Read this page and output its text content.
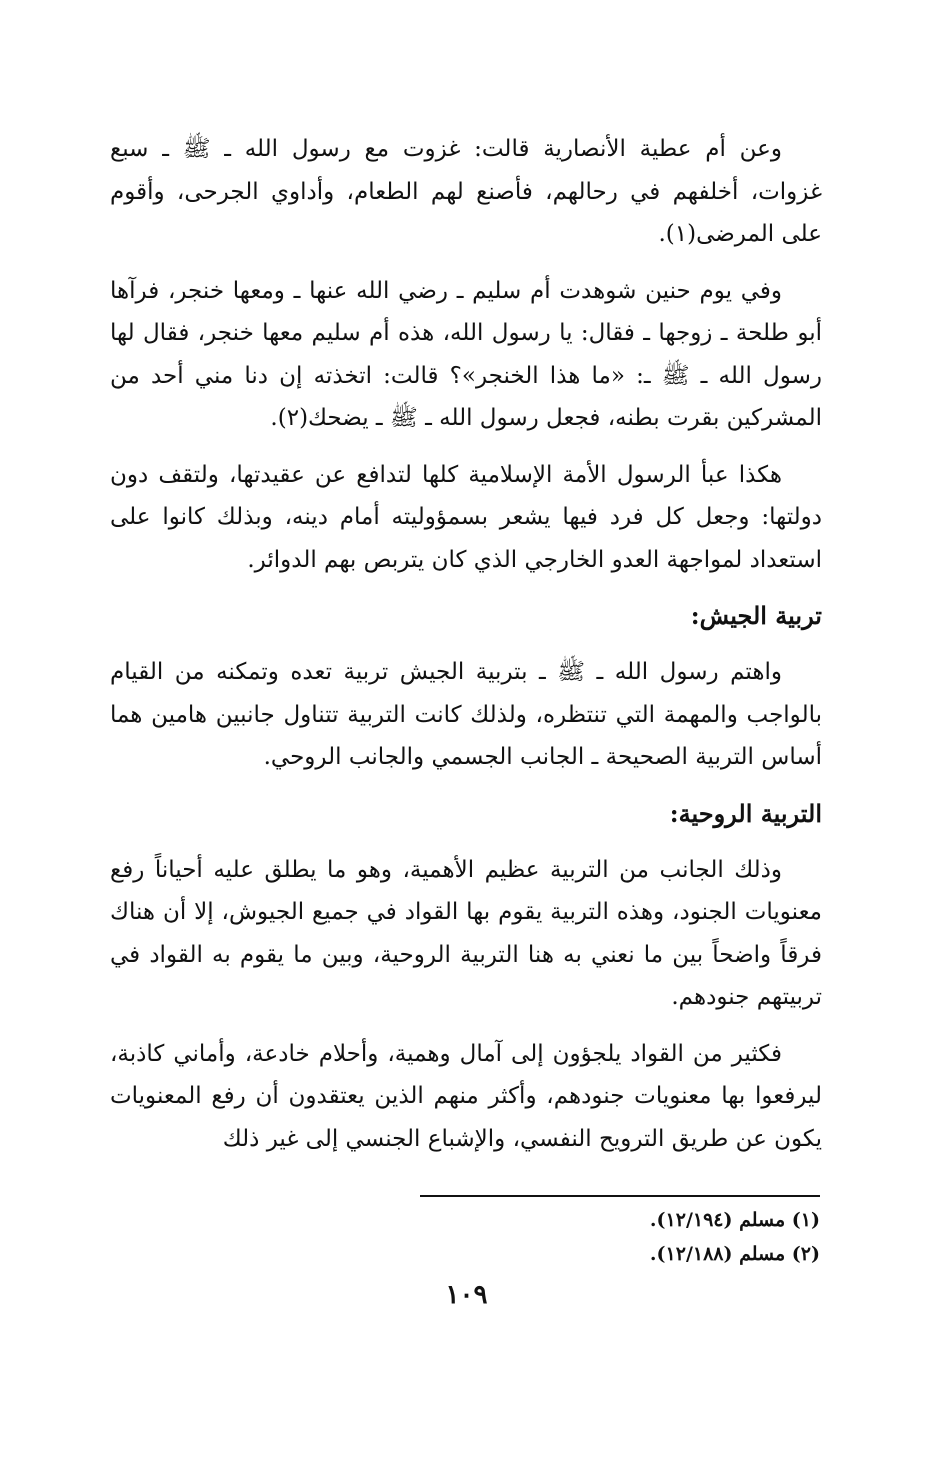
وعن أم عطية الأنصارية قالت: غزوت مع رسول الله ـ ﷺ ـ سبع غزوات، أخلفهم في رحالهم، فأصنع لهم الطعام، وأداوي الجرحى، وأقوم على المرضى(١).

وفي يوم حنين شوهدت أم سليم ـ رضي الله عنها ـ ومعها خنجر، فرآها أبو طلحة ـ زوجها ـ فقال: يا رسول الله، هذه أم سليم معها خنجر، فقال لها رسول الله ـ ﷺ ـ: «ما هذا الخنجر»؟ قالت: اتخذته إن دنا مني أحد من المشركين بقرت بطنه، فجعل رسول الله ـ ﷺ ـ يضحك(٢).

هكذا عبأ الرسول الأمة الإسلامية كلها لتدافع عن عقيدتها، ولتقف دون دولتها: وجعل كل فرد فيها يشعر بسمؤوليته أمام دينه، وبذلك كانوا على استعداد لمواجهة العدو الخارجي الذي كان يتربص بهم الدوائر.

تربية الجيش:

واهتم رسول الله ـ ﷺ ـ بتربية الجيش تربية تعده وتمكنه من القيام بالواجب والمهمة التي تنتظره، ولذلك كانت التربية تتناول جانبين هامين هما أساس التربية الصحيحة ـ الجانب الجسمي والجانب الروحي.

التربية الروحية:

وذلك الجانب من التربية عظيم الأهمية، وهو ما يطلق عليه أحياناً رفع معنويات الجنود، وهذه التربية يقوم بها القواد في جميع الجيوش، إلا أن هناك فرقاً واضحاً بين ما نعني به هنا التربية الروحية، وبين ما يقوم به القواد في تربيتهم جنودهم.

فكثير من القواد يلجؤون إلى آمال وهمية، وأحلام خادعة، وأماني كاذبة، ليرفعوا بها معنويات جنودهم، وأكثر منهم الذين يعتقدون أن رفع المعنويات يكون عن طريق الترويح النفسي، والإشباع الجنسي إلى غير ذلك

(١) مسلم (١٢/١٩٤).

(٢) مسلم (١٢/١٨٨).

١٠٩
